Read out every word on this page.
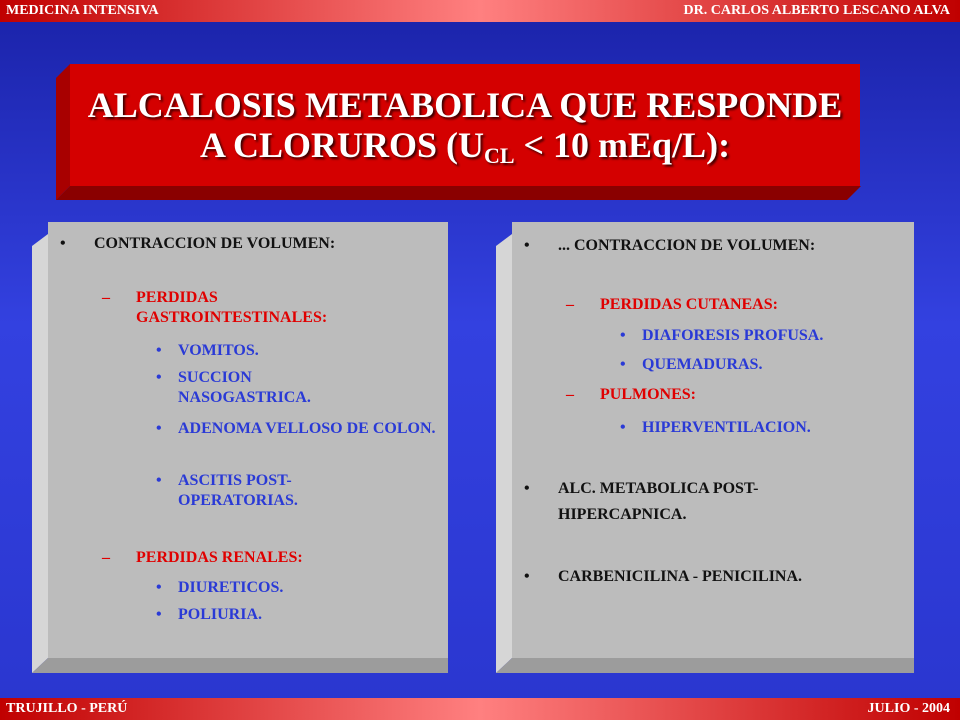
MEDICINA INTENSIVA	DR. CARLOS ALBERTO LESCANO ALVA
ALCALOSIS METABOLICA QUE RESPONDE
A CLORUROS ($U_{CL} < 10$ mEq/L):
• CONTRACCION DE VOLUMEN:
– PERDIDAS GASTROINTESTINALES:
• VOMITOS.
• SUCCION NASOGASTRICA.
• ADENOMA VELLOSO DE COLON.
• ASCITIS POST-OPERATORIAS.
– PERDIDAS RENALES:
• DIURETICOS.
• POLIURIA.
• ... CONTRACCION DE VOLUMEN:
– PERDIDAS CUTANEAS:
• DIAFORESIS PROFUSA.
• QUEMADURAS.
– PULMONES:
• HIPERVENTILACION.
• ALC. METABOLICA POST-HIPERCAPNICA.
• CARBENICILINA - PENICILINA.
TRUJILLO - PERÚ	JULIO - 2004
